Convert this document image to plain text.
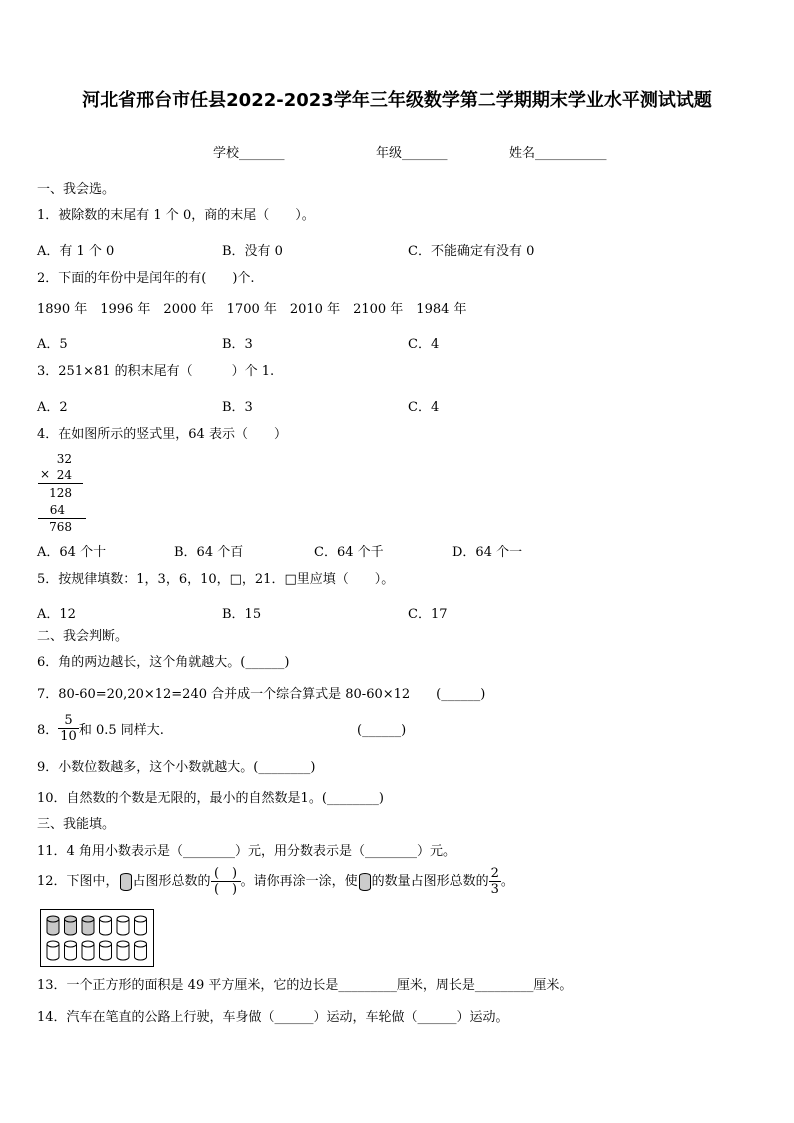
河北省邢台市任县2022-2023学年三年级数学第二学期期末学业水平测试试题
学校_______	年级_______	姓名___________
一、我会选。
1．被除数的末尾有 1 个 0，商的末尾（　　）。
A．有 1 个 0	B．没有 0	C．不能确定有没有 0
2．下面的年份中是闰年的有(　　)个.
1890 年　1996 年　2000 年　1700 年　2010 年　2100 年　1984 年
A．5	B．3	C．4
3．251×81 的积末尾有（　　　）个 1.
A．2	B．3	C．4
4．在如图所示的竖式里，64 表示（　　）
32
× 24
128
64
768
A．64 个十	B．64 个百	C．64 个千	D．64 个一
5．按规律填数：1，3，6，10，□，21．□里应填（　　）。
A．12	B．15	C．17
二、我会判断。
6．角的两边越长，这个角就越大。(______)
7．80-60=20,20×12=240 合并成一个综合算式是 80-60×12　　(______)
8． $\frac{5}{10}$ 和 0.5 同样大.	(______)
9．小数位数越多，这个小数就越大。(________)
10．自然数的个数是无限的，最小的自然数是1。(________)
三、我能填。
11．4 角用小数表示是（________）元，用分数表示是（________）元。
12．下图中， 占图形总数的 $\frac{( )}{( )}$ 。请你再涂一涂，使 的数量占图形总数的 $\frac{2}{3}$ 。
13．一个正方形的面积是 49 平方厘米，它的边长是_________厘米，周长是_________厘米。
14．汽车在笔直的公路上行驶，车身做（______）运动，车轮做（______）运动。
